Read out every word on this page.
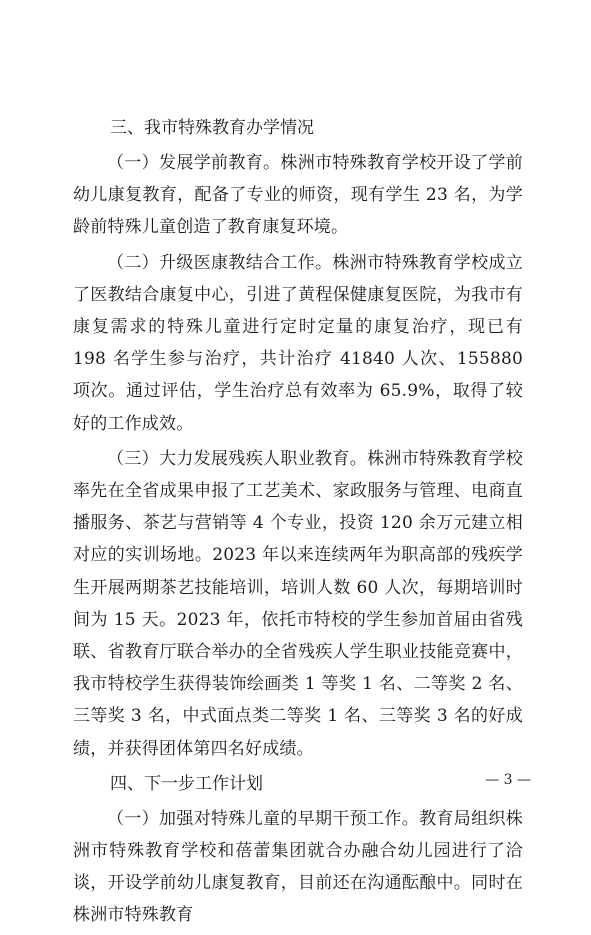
三、我市特殊教育办学情况

（一）发展学前教育。株洲市特殊教育学校开设了学前幼儿康复教育，配备了专业的师资，现有学生 23 名，为学龄前特殊儿童创造了教育康复环境。

（二）升级医康教结合工作。株洲市特殊教育学校成立了医教结合康复中心，引进了黄程保健康复医院，为我市有康复需求的特殊儿童进行定时定量的康复治疗，现已有 198 名学生参与治疗，共计治疗 41840 人次、155880 项次。通过评估，学生治疗总有效率为 65.9%，取得了较好的工作成效。

（三）大力发展残疾人职业教育。株洲市特殊教育学校率先在全省成果申报了工艺美术、家政服务与管理、电商直播服务、茶艺与营销等 4 个专业，投资 120 余万元建立相对应的实训场地。2023 年以来连续两年为职高部的残疾学生开展两期茶艺技能培训，培训人数 60 人次，每期培训时间为 15 天。2023 年，依托市特校的学生参加首届由省残联、省教育厅联合举办的全省残疾人学生职业技能竞赛中，我市特校学生获得装饰绘画类 1 等奖 1 名、二等奖 2 名、三等奖 3 名，中式面点类二等奖 1 名、三等奖 3 名的好成绩，并获得团体第四名好成绩。

四、下一步工作计划

（一）加强对特殊儿童的早期干预工作。教育局组织株洲市特殊教育学校和蓓蕾集团就合办融合幼儿园进行了洽谈，开设学前幼儿康复教育，目前还在沟通酝酿中。同时在株洲市特殊教育

— 3 —
